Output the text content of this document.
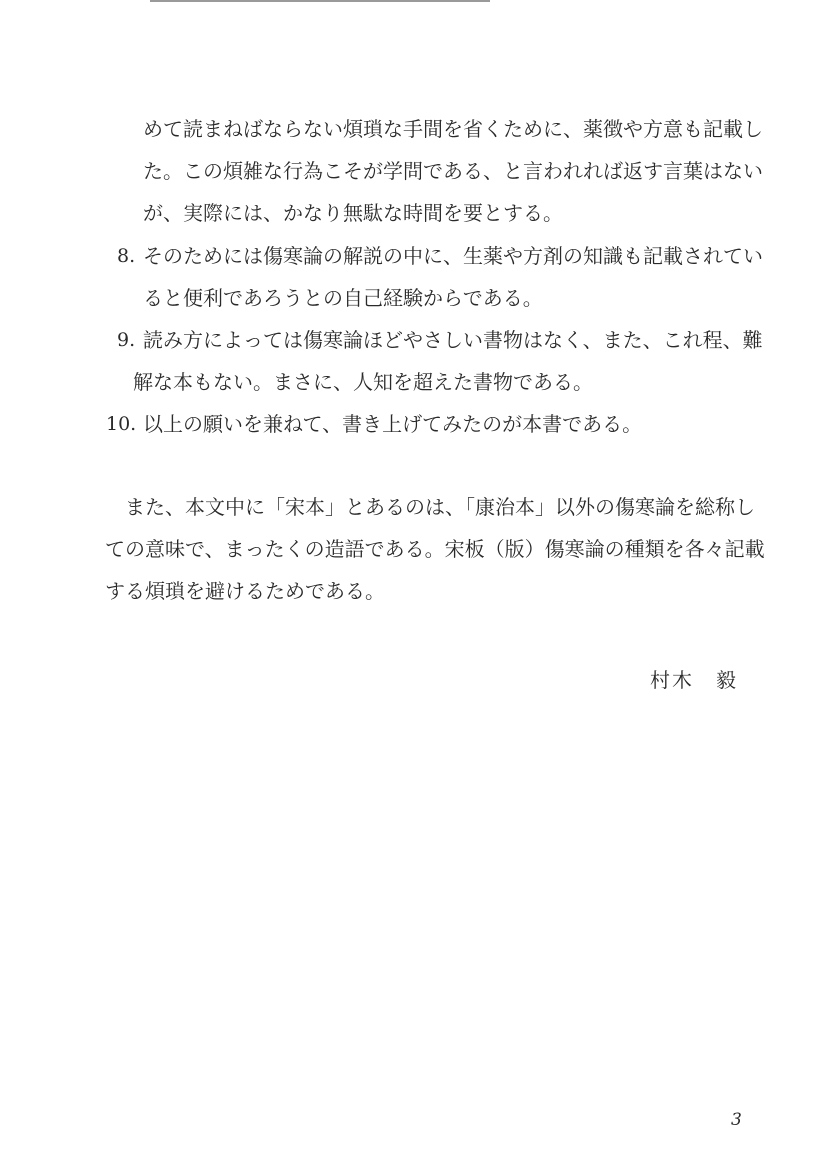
めて読まねばならない煩瑣な手間を省くために、薬徴や方意も記載し
た。この煩雑な行為こそが学問である、と言われれば返す言葉はない
が、実際には、かなり無駄な時間を要とする。
8. そのためには傷寒論の解説の中に、生薬や方剤の知識も記載されてい
ると便利であろうとの自己経験からである。
9. 読み方によっては傷寒論ほどやさしい書物はなく、また、これ程、難
解な本もない。まさに、人知を超えた書物である。
10. 以上の願いを兼ねて、書き上げてみたのが本書である。
また、本文中に「宋本」とあるのは、「康治本」以外の傷寒論を総称し
ての意味で、まったくの造語である。宋板（版）傷寒論の種類を各々記載
する煩瑣を避けるためである。
村木　毅
3
